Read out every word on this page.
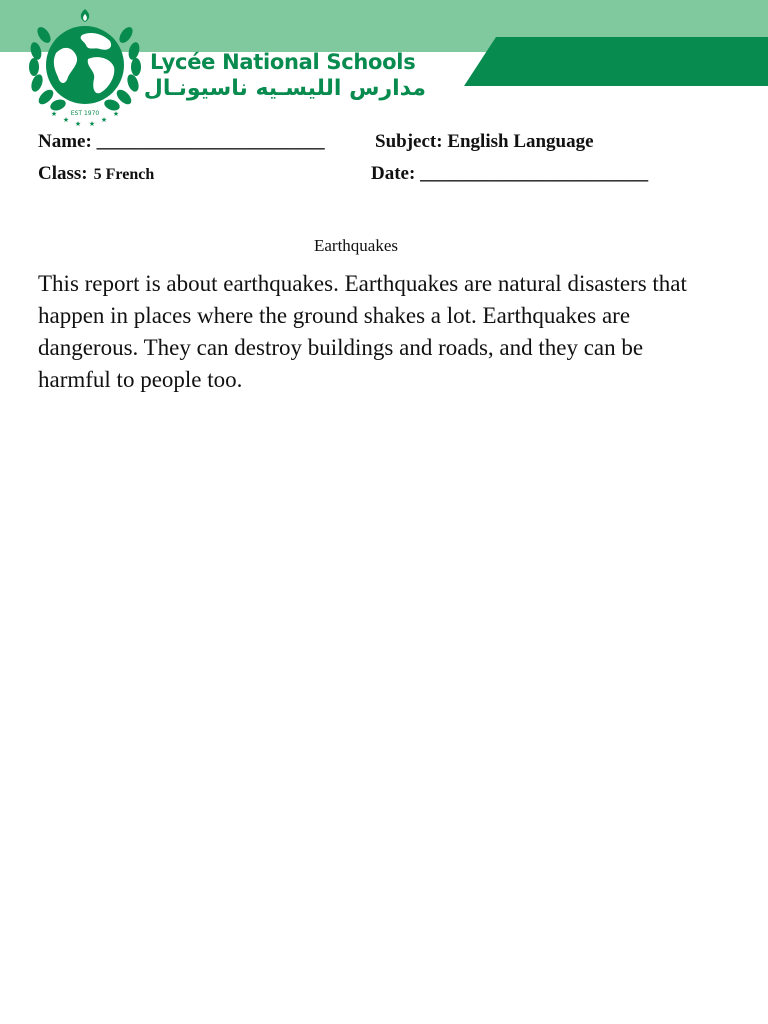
EST 1970
★
★ ★ ★ ★
★
Lycée National Schools
مدارس الليسـيه ناسيونـال
Name: ________________________	Subject: English Language
Class: 5 French	Date: ________________________
Earthquakes

This report is about earthquakes. Earthquakes are natural disasters that happen in places where the ground shakes a lot. Earthquakes are dangerous. They can destroy buildings and roads, and they can be harmful to people too.
